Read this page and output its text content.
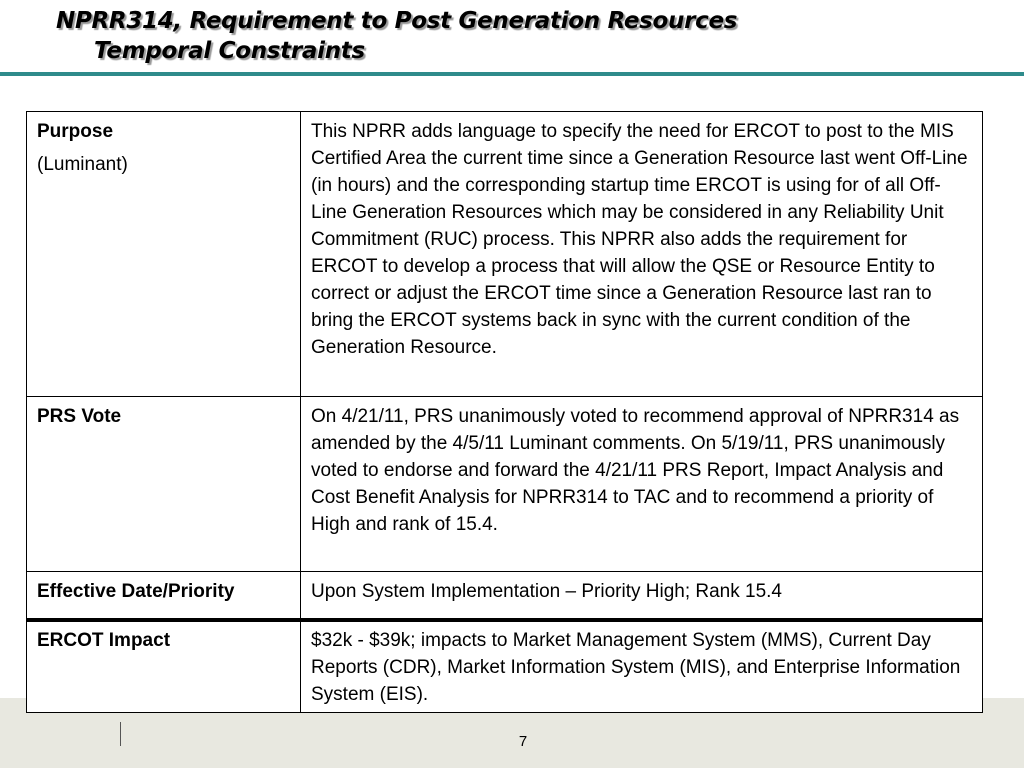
NPRR314, Requirement to Post Generation Resources
Temporal Constraints
7
Purpose
(Luminant)	This NPRR adds language to specify the need for ERCOT to post to the MIS Certified Area the current time since a Generation Resource last went Off-Line (in hours) and the corresponding startup time ERCOT is using for of all Off-Line Generation Resources which may be considered in any Reliability Unit Commitment (RUC) process. This NPRR also adds the requirement for ERCOT to develop a process that will allow the QSE or Resource Entity to correct or adjust the ERCOT time since a Generation Resource last ran to bring the ERCOT systems back in sync with the current condition of the Generation Resource.
PRS Vote	On 4/21/11, PRS unanimously voted to recommend approval of NPRR314 as amended by the 4/5/11 Luminant comments. On 5/19/11, PRS unanimously voted to endorse and forward the 4/21/11 PRS Report, Impact Analysis and Cost Benefit Analysis for NPRR314 to TAC and to recommend a priority of High and rank of 15.4.
Effective Date/Priority	Upon System Implementation – Priority High; Rank 15.4
ERCOT Impact	$32k - $39k; impacts to Market Management System (MMS), Current Day Reports (CDR), Market Information System (MIS), and Enterprise Information System (EIS).
